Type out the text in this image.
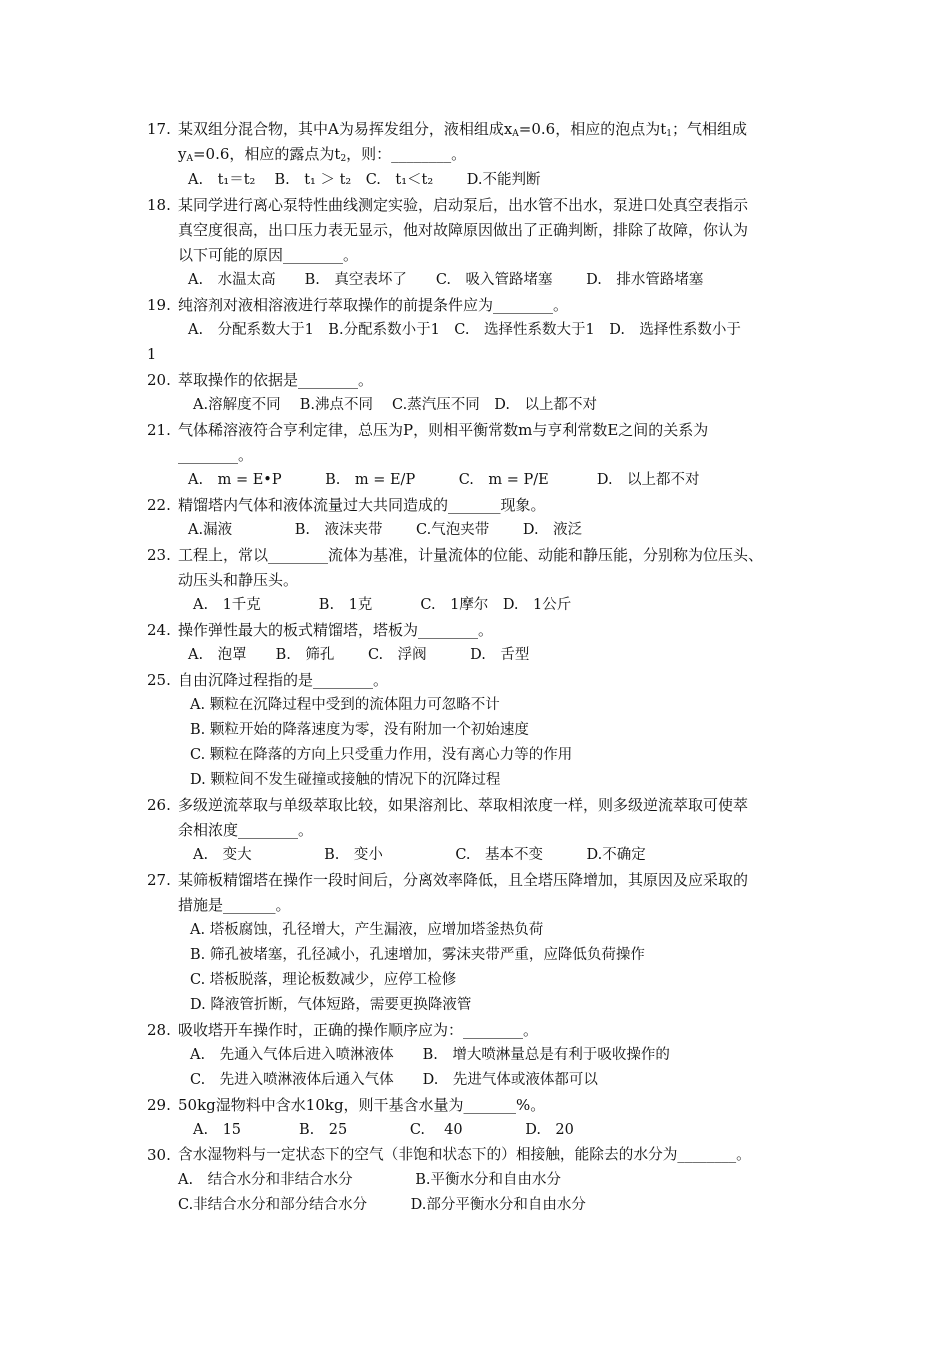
17. 某双组分混合物，其中A为易挥发组分，液相组成$x_A=0.6$，相应的泡点为$t_1$；气相组成
$y_A=0.6$，相应的露点为$t_2$，则：________。
A.　t₁＝t₂　 B.　t₁ ＞ t₂　C.　t₁＜t₂　　 D.不能判断
18. 某同学进行离心泵特性曲线测定实验，启动泵后，出水管不出水，泵进口处真空表指示
真空度很高，出口压力表无显示，他对故障原因做出了正确判断，排除了故障，你认为
以下可能的原因________。
A.　水温太高　　B.　真空表坏了　　C.　吸入管路堵塞　　 D.　排水管路堵塞
19. 纯溶剂对液相溶液进行萃取操作的前提条件应为________。
A.　分配系数大于1　B.分配系数小于1　C.　选择性系数大于1　D.　选择性系数小于
1
20. 萃取操作的依据是________。
A.溶解度不同　 B.沸点不同　 C.蒸汽压不同　D.　以上都不对
21. 气体稀溶液符合亨利定律，总压为P，则相平衡常数m与亨利常数E之间的关系为
________。
A.　m = E•P　　　B.　m = E/P　　　C.　m = P/E　　　 D.　以上都不对
22. 精馏塔内气体和液体流量过大共同造成的_______现象。
A.漏液　　　　 B.　液沫夹带　　 C.气泡夹带　　 D.　液泛
23. 工程上，常以________流体为基准，计量流体的位能、动能和静压能，分别称为位压头、
动压头和静压头。
A.　1千克　　　　B.　1克　　　 C.　1摩尔　D.　1公斤
24. 操作弹性最大的板式精馏塔，塔板为________。
A.　泡罩　　B.　筛孔　　 C.　浮阀　　　D.　舌型
25. 自由沉降过程指的是________。
A. 颗粒在沉降过程中受到的流体阻力可忽略不计
B. 颗粒开始的降落速度为零，没有附加一个初始速度
C. 颗粒在降落的方向上只受重力作用，没有离心力等的作用
D. 颗粒间不发生碰撞或接触的情况下的沉降过程
26. 多级逆流萃取与单级萃取比较，如果溶剂比、萃取相浓度一样，则多级逆流萃取可使萃
余相浓度________。
A.　变大　　　　　B.　变小　　　　　C.　基本不变　　　D.不确定
27. 某筛板精馏塔在操作一段时间后，分离效率降低，且全塔压降增加，其原因及应采取的
措施是_______。
A. 塔板腐蚀，孔径增大，产生漏液，应增加塔釜热负荷
B. 筛孔被堵塞，孔径减小，孔速增加，雾沫夹带严重，应降低负荷操作
C. 塔板脱落，理论板数减少，应停工检修
D. 降液管折断，气体短路，需要更换降液管
28. 吸收塔开车操作时，正确的操作顺序应为：________。
A.　先通入气体后进入喷淋液体　　B.　增大喷淋量总是有利于吸收操作的
C.　先进入喷淋液体后通入气体　　D.　先进气体或液体都可以
29. 50kg湿物料中含水10kg，则干基含水量为_______%。
A.　15　　　　B.　25　　　　 C.　 40　　　　 D.　20
30. 含水湿物料与一定状态下的空气（非饱和状态下的）相接触，能除去的水分为________。
A.　结合水分和非结合水分　　　　 B.平衡水分和自由水分
C.非结合水分和部分结合水分　　　D.部分平衡水分和自由水分
